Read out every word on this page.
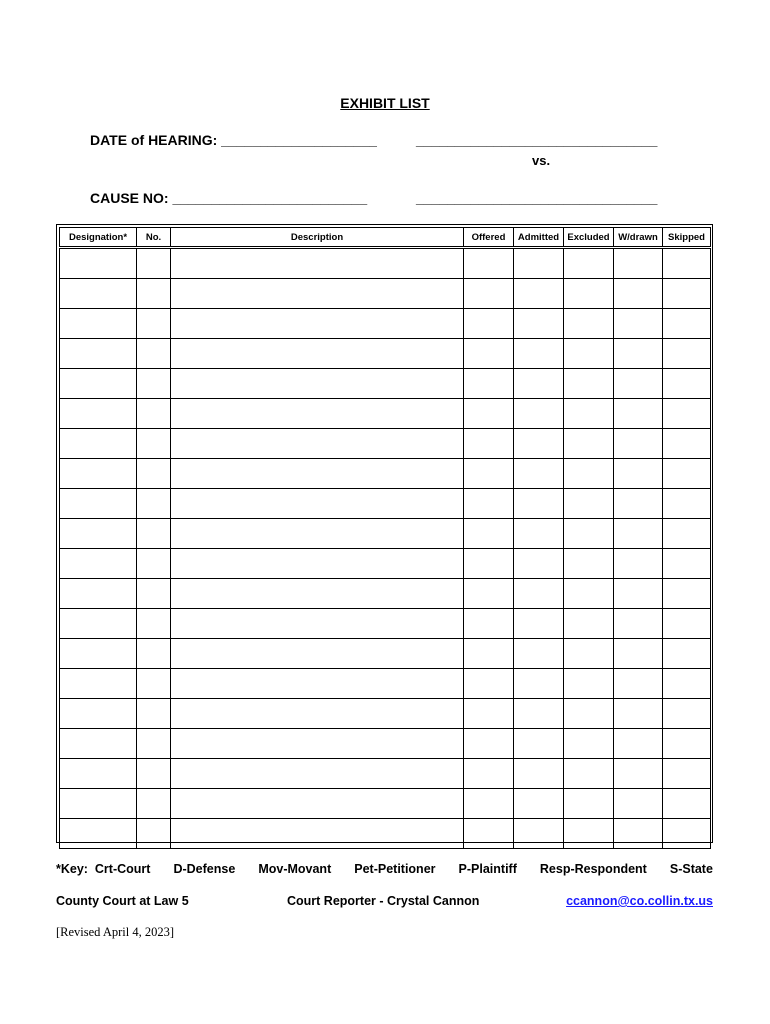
EXHIBIT LIST
DATE of HEARING: ____________________	_______________________________
vs.
CAUSE NO: _________________________	_______________________________
Designation*	No.	Description	Offered	Admitted	Excluded	W/drawn	Skipped

*Key:  Crt-Court D-Defense Mov-Movant Pet-Petitioner P-Plaintiff Resp-Respondent S-State
County Court at Law 5	Court Reporter - Crystal Cannon	ccannon@co.collin.tx.us
[Revised April 4, 2023]
